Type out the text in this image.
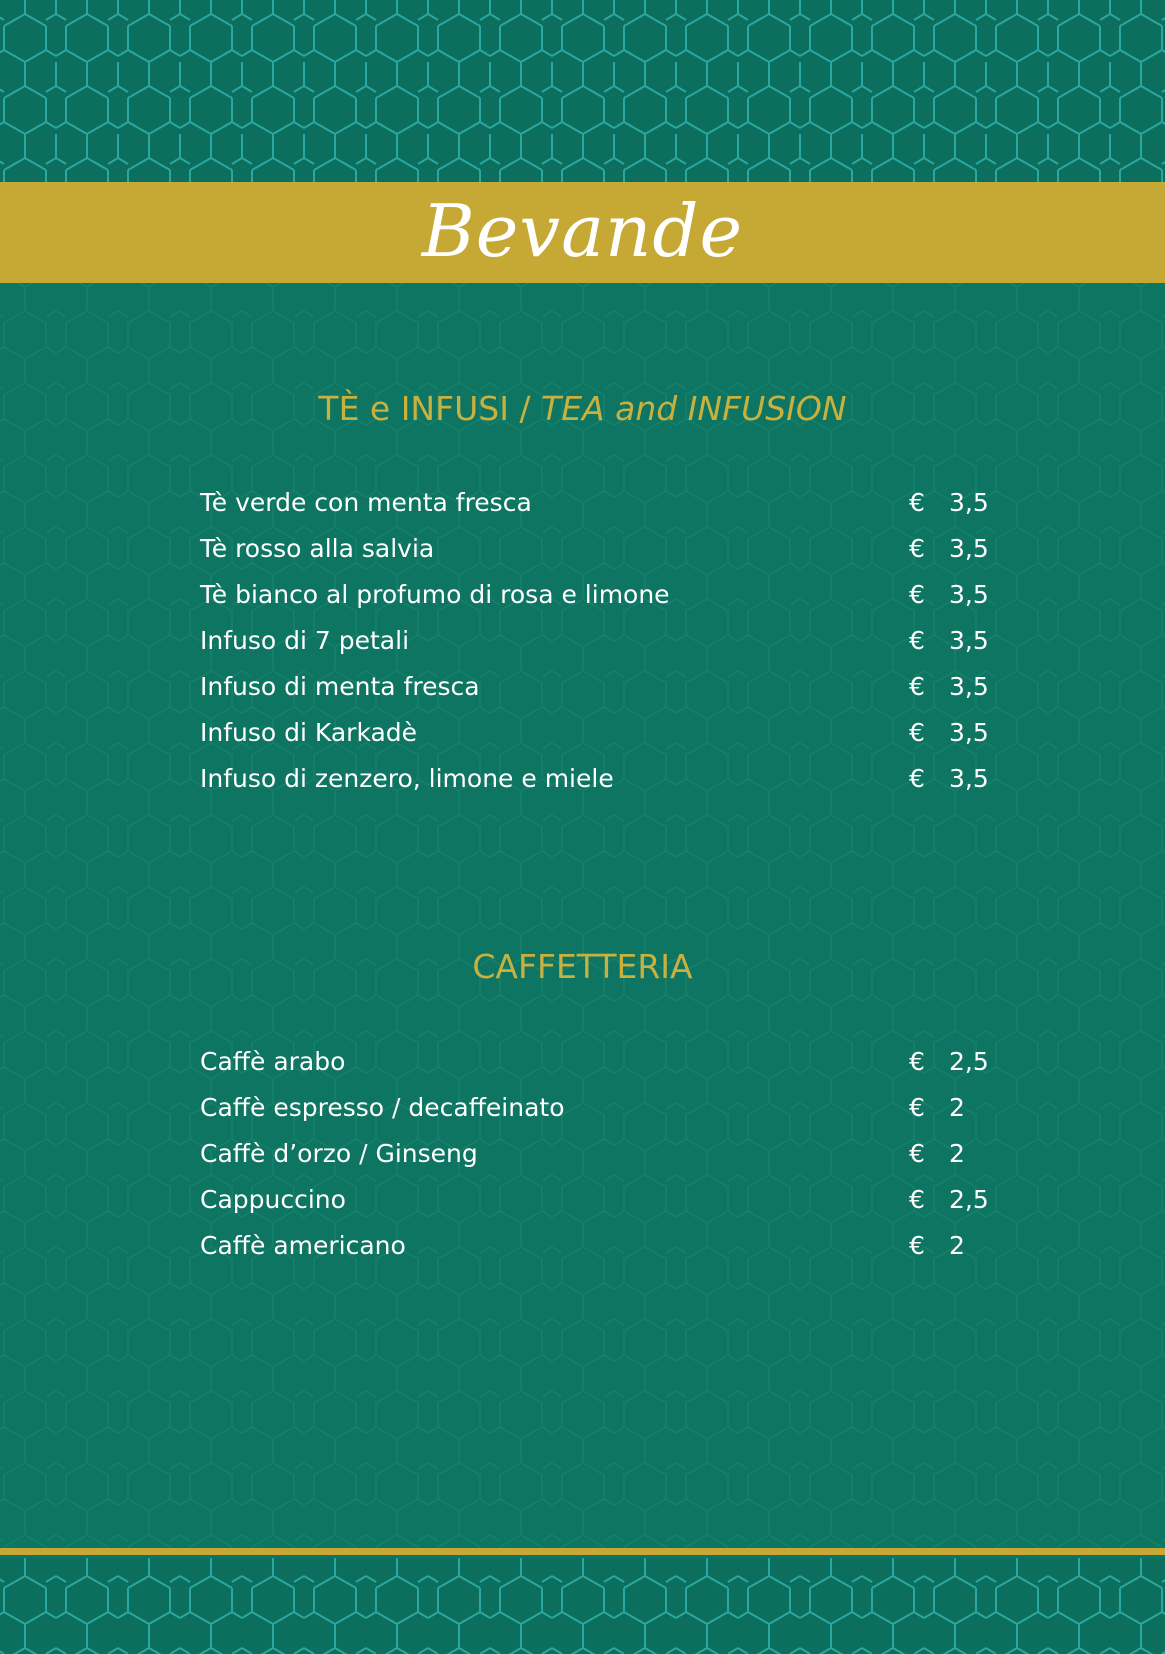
Bevande
TÈ e INFUSI / TEA and INFUSION
Tè verde con menta fresca	€ 3,5
Tè rosso alla salvia	€ 3,5
Tè bianco al profumo di rosa e limone	€ 3,5
Infuso di 7 petali	€ 3,5
Infuso di menta fresca	€ 3,5
Infuso di Karkadè	€ 3,5
Infuso di zenzero, limone e miele	€ 3,5
CAFFETTERIA
Caffè arabo	€ 2,5
Caffè espresso / decaffeinato	€ 2
Caffè d’orzo / Ginseng	€ 2
Cappuccino	€ 2,5
Caffè americano	€ 2
